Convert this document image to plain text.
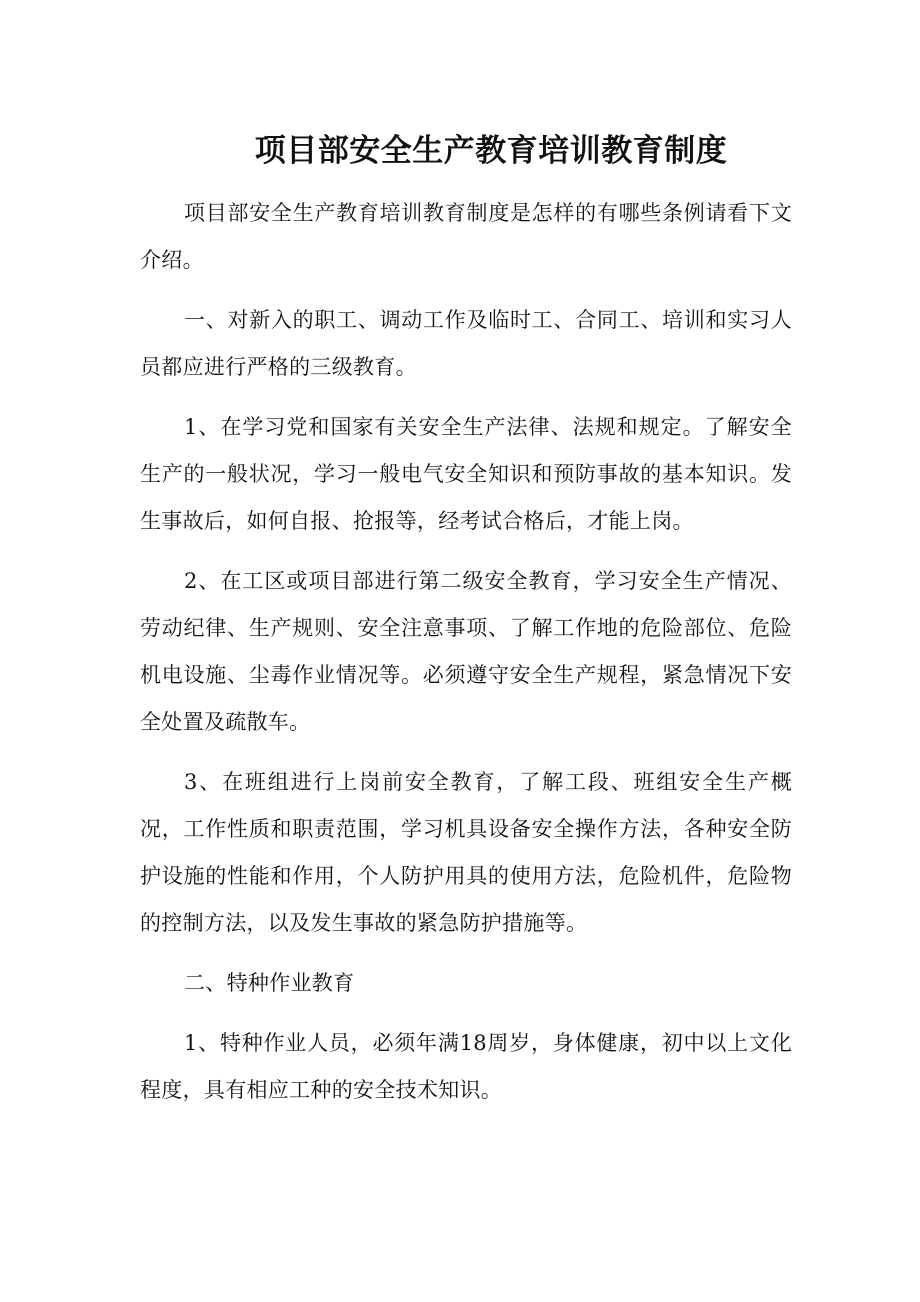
项目部安全生产教育培训教育制度

项目部安全生产教育培训教育制度是怎样的有哪些条例请看下文介绍。

一、对新入的职工、调动工作及临时工、合同工、培训和实习人员都应进行严格的三级教育。

1、在学习党和国家有关安全生产法律、法规和规定。了解安全生产的一般状况，学习一般电气安全知识和预防事故的基本知识。发生事故后，如何自报、抢报等，经考试合格后，才能上岗。

2、在工区或项目部进行第二级安全教育，学习安全生产情况、劳动纪律、生产规则、安全注意事项、了解工作地的危险部位、危险机电设施、尘毒作业情况等。必须遵守安全生产规程，紧急情况下安全处置及疏散车。

3、在班组进行上岗前安全教育，了解工段、班组安全生产概况，工作性质和职责范围，学习机具设备安全操作方法，各种安全防护设施的性能和作用，个人防护用具的使用方法，危险机件，危险物的控制方法，以及发生事故的紧急防护措施等。

二、特种作业教育

1、特种作业人员，必须年满18周岁，身体健康，初中以上文化程度，具有相应工种的安全技术知识。
